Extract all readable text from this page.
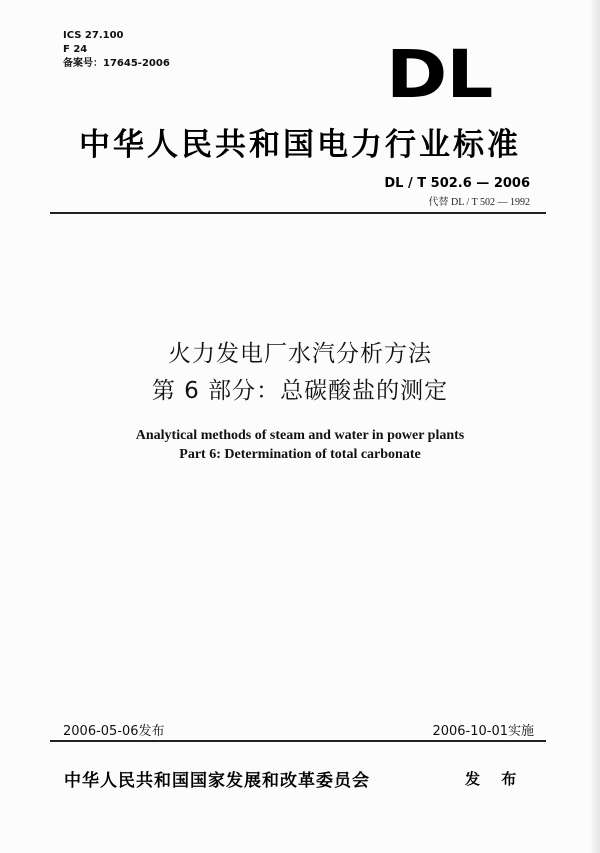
ICS 27.100
F 24
备案号：17645-2006	DL
中华人民共和国电力行业标准
DL / T 502.6 — 2006
代替 DL / T 502 — 1992
火力发电厂水汽分析方法
第 6 部分：总碳酸盐的测定
Analytical methods of steam and water in power plants
Part 6: Determination of total carbonate
2006-05-06发布	2006-10-01实施
中华人民共和国国家发展和改革委员会	发 布
